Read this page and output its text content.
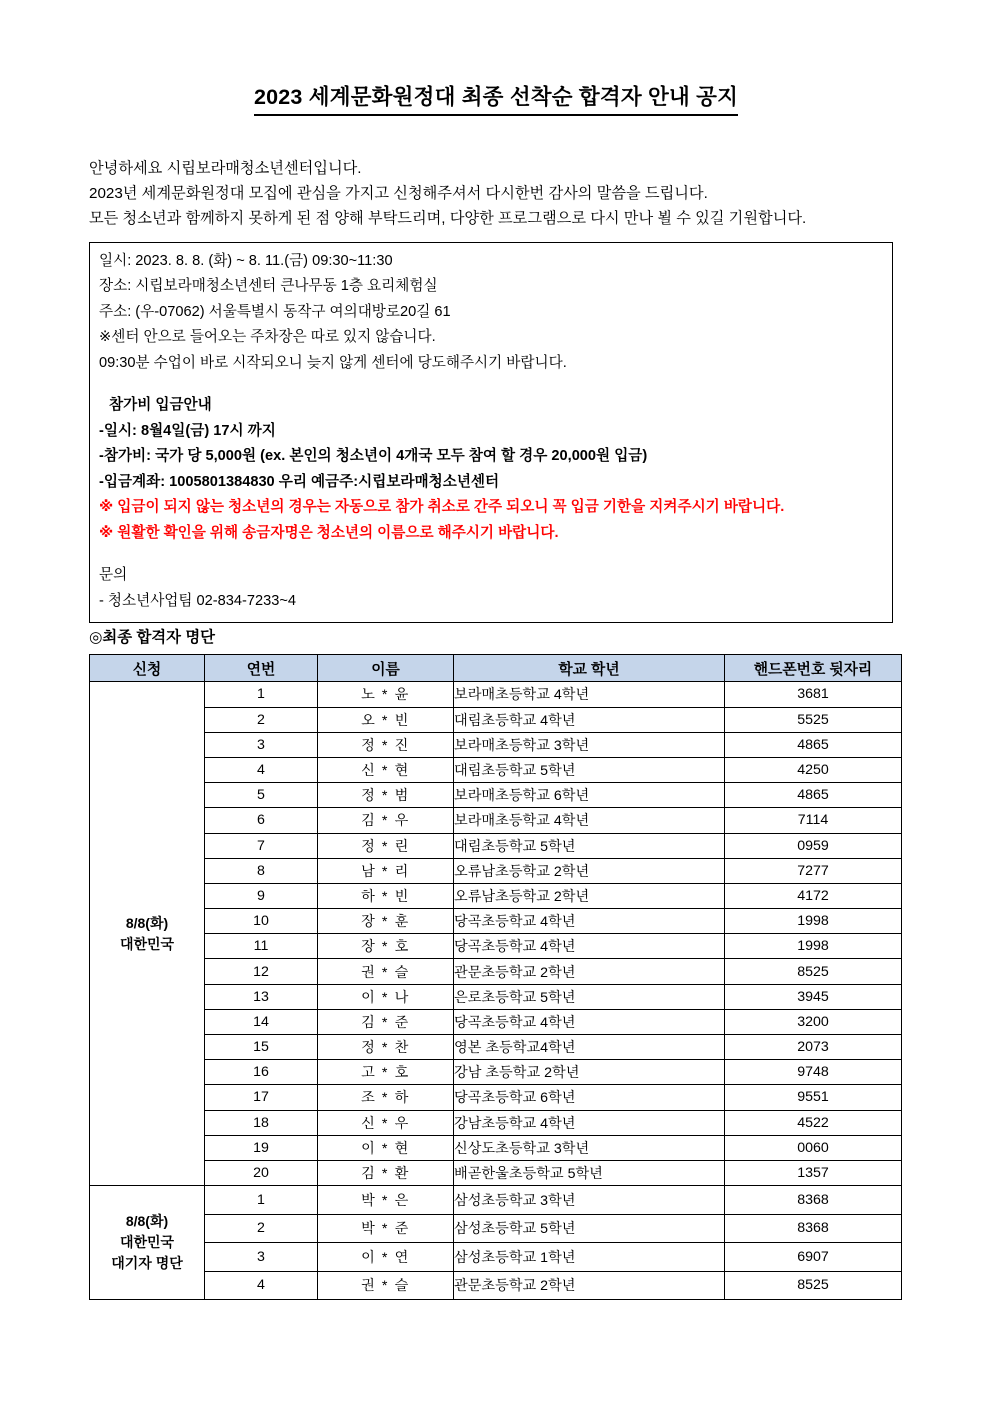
2023 세계문화원정대 최종 선착순 합격자 안내 공지

안녕하세요 시립보라매청소년센터입니다.

2023년 세계문화원정대 모집에 관심을 가지고 신청해주셔서 다시한번 감사의 말씀을 드립니다.

모든 청소년과 함께하지 못하게 된 점 양해 부탁드리며, 다양한 프로그램으로 다시 만나 뵐 수 있길 기원합니다.

일시: 2023. 8. 8. (화) ~ 8. 11.(금) 09:30~11:30
장소: 시립보라매청소년센터 큰나무동 1층 요리체험실
주소: (우-07062) 서울특별시 동작구 여의대방로20길 61
※센터 안으로 들어오는 주차장은 따로 있지 않습니다.
09:30분 수업이 바로 시작되오니 늦지 않게 센터에 당도해주시기 바랍니다.
참가비 입금안내
-일시: 8월4일(금) 17시 까지
-참가비: 국가 당 5,000원 (ex. 본인의 청소년이 4개국 모두 참여 할 경우 20,000원 입금)
-입금계좌: 1005801384830 우리 예금주:시립보라매청소년센터
※ 입금이 되지 않는 청소년의 경우는 자동으로 참가 취소로 간주 되오니 꼭 입금 기한을 지켜주시기 바랍니다.
※ 원활한 확인을 위해 송금자명은 청소년의 이름으로 해주시기 바랍니다.
문의
- 청소년사업팀 02-834-7233~4
◎최종 합격자 명단
신청	연번	이름	학교 학년	핸드폰번호 뒷자리
8/8(화)
대한민국	1	노 * 윤	보라매초등학교 4학년	3681
	2	오 * 빈	대림초등학교 4학년	5525
	3	정 * 진	보라매초등학교 3학년	4865
	4	신 * 현	대림초등학교 5학년	4250
	5	정 * 범	보라매초등학교 6학년	4865
	6	김 * 우	보라매초등학교 4학년	7114
	7	정 * 린	대림초등학교 5학년	0959
	8	남 * 리	오류남초등학교 2학년	7277
	9	하 * 빈	오류남초등학교 2학년	4172
	10	장 * 훈	당곡초등학교 4학년	1998
	11	장 * 호	당곡초등학교 4학년	1998
	12	권 * 슬	관문초등학교 2학년	8525
	13	이 * 나	은로초등학교 5학년	3945
	14	김 * 준	당곡초등학교 4학년	3200
	15	정 * 찬	영본 초등학교4학년	2073
	16	고 * 호	강남 초등학교 2학년	9748
	17	조 * 하	당곡초등학교 6학년	9551
	18	신 * 우	강남초등학교 4학년	4522
	19	이 * 현	신상도초등학교 3학년	0060
	20	김 * 환	배곧한울초등학교 5학년	1357
8/8(화)
대한민국
대기자 명단	1	박 * 은	삼성초등학교 3학년	8368
	2	박 * 준	삼성초등학교 5학년	8368
	3	이 * 연	삼성초등학교 1학년	6907
	4	권 * 슬	관문초등학교 2학년	8525
